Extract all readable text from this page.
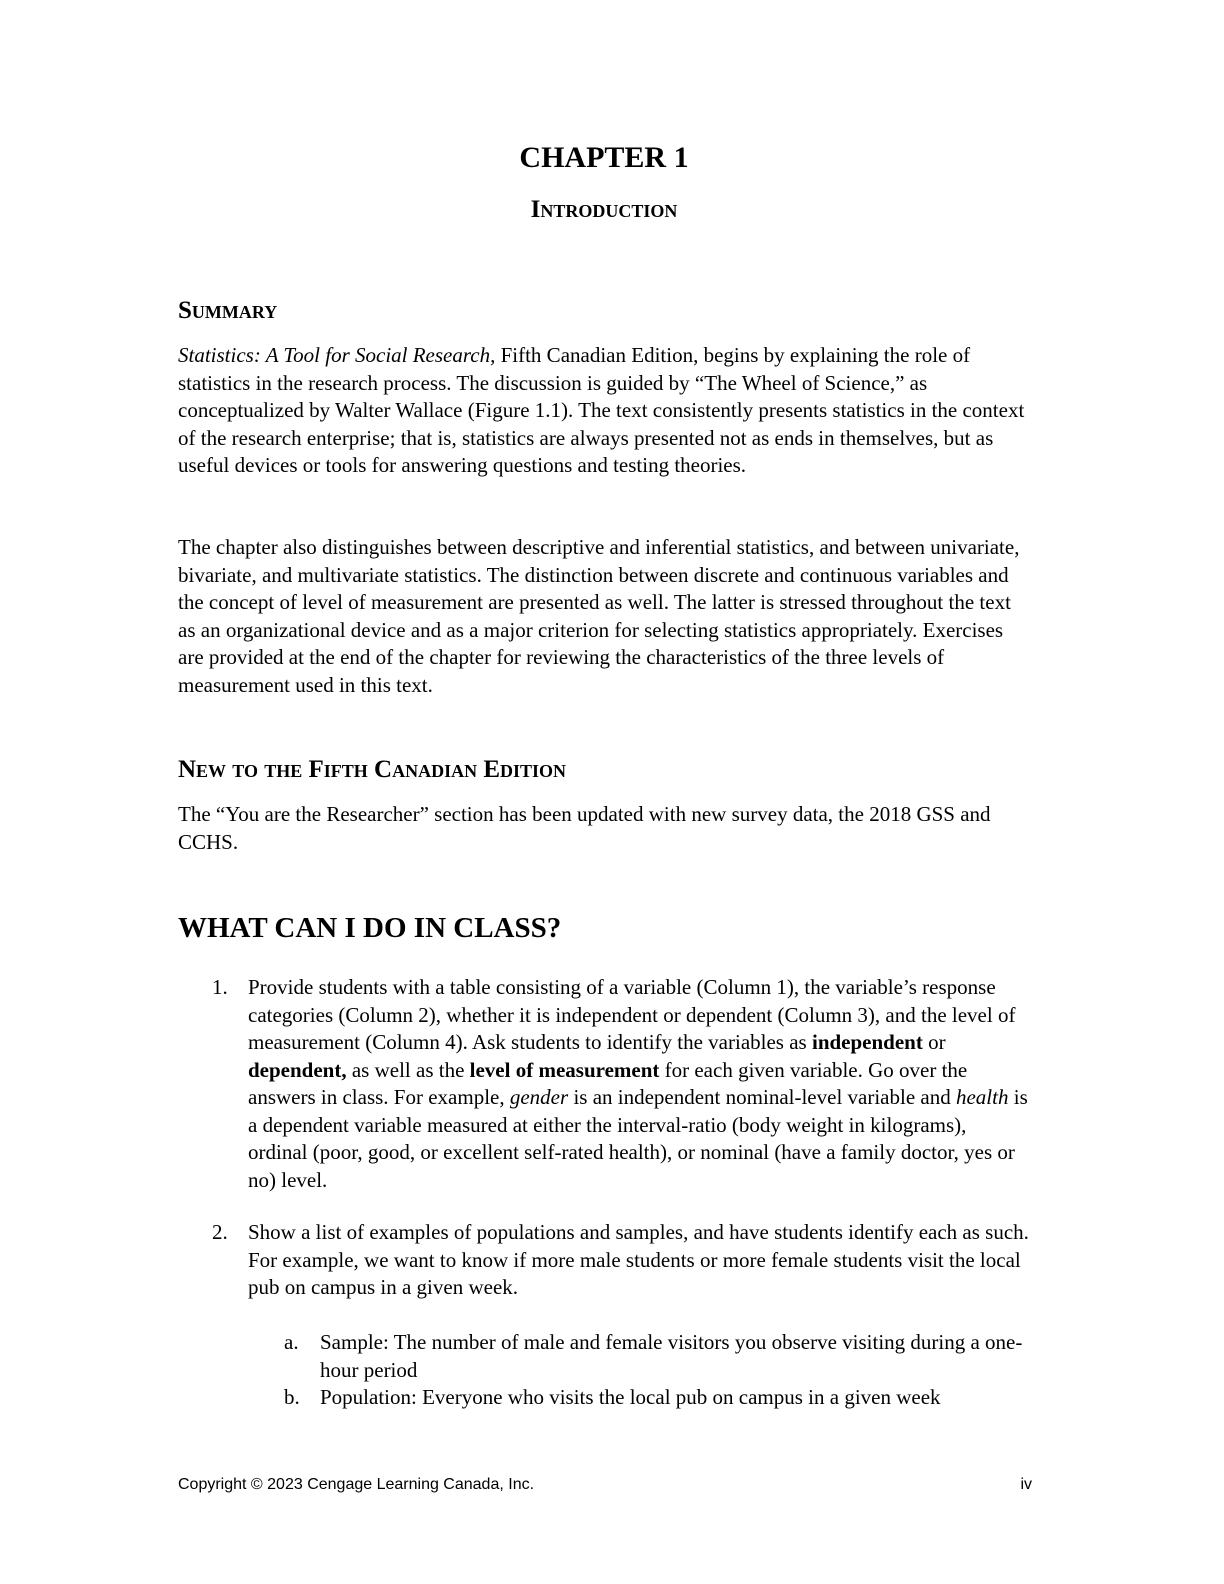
CHAPTER 1
Introduction
Summary

Statistics: A Tool for Social Research, Fifth Canadian Edition, begins by explaining the role of statistics in the research process. The discussion is guided by “The Wheel of Science,” as conceptualized by Walter Wallace (Figure 1.1). The text consistently presents statistics in the context of the research enterprise; that is, statistics are always presented not as ends in themselves, but as useful devices or tools for answering questions and testing theories.

The chapter also distinguishes between descriptive and inferential statistics, and between univariate, bivariate, and multivariate statistics. The distinction between discrete and continuous variables and the concept of level of measurement are presented as well. The latter is stressed throughout the text as an organizational device and as a major criterion for selecting statistics appropriately. Exercises are provided at the end of the chapter for reviewing the characteristics of the three levels of measurement used in this text.

New to the Fifth Canadian Edition

The “You are the Researcher” section has been updated with new survey data, the 2018 GSS and CCHS.

WHAT CAN I DO IN CLASS?
1. Provide students with a table consisting of a variable (Column 1), the variable’s response categories (Column 2), whether it is independent or dependent (Column 3), and the level of measurement (Column 4). Ask students to identify the variables as independent or dependent, as well as the level of measurement for each given variable. Go over the answers in class. For example, gender is an independent nominal-level variable and health is a dependent variable measured at either the interval-ratio (body weight in kilograms), ordinal (poor, good, or excellent self-rated health), or nominal (have a family doctor, yes or no) level.
2. Show a list of examples of populations and samples, and have students identify each as such. For example, we want to know if more male students or more female students visit the local pub on campus in a given week.
a. Sample: The number of male and female visitors you observe visiting during a one-hour period
b. Population: Everyone who visits the local pub on campus in a given week
Copyright © 2023 Cengage Learning Canada, Inc.	iv
